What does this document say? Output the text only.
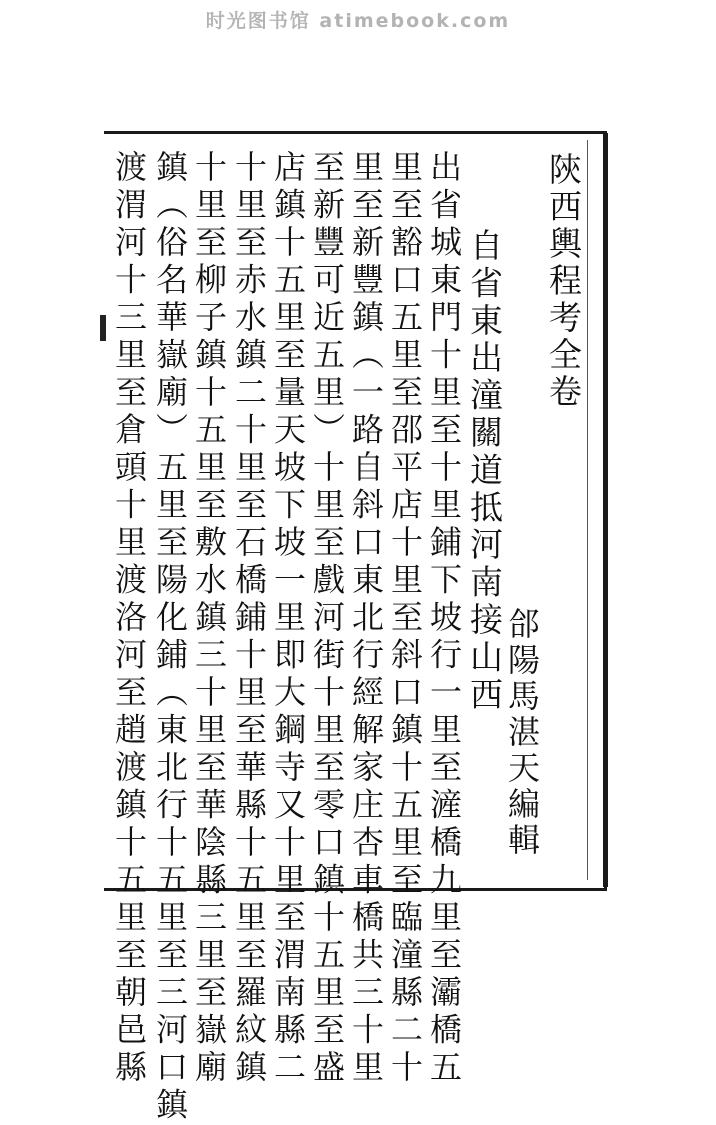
时光图书馆 atimebook.com
陝西輿程考全卷
郃陽馬湛天編輯
自省東出潼關道抵河南接山西
出省城東門十里至十里鋪下坡行一里至滻橋九里至灞橋五
里至豁口五里至邵平店十里至斜口鎮十五里至臨潼縣二十
里至新豐鎮（一路自斜口東北行經解家庄杏車橋共三十里
至新豐可近五里）十里至戲河街十里至零口鎮十五里至盛
店鎮十五里至量天坡下坡一里即大鋼寺又十里至渭南縣二
十里至赤水鎮二十里至石橋鋪十里至華縣十五里至羅紋鎮
十里至柳子鎮十五里至敷水鎮三十里至華陰縣三里至嶽廟
鎮（俗名華嶽廟）五里至陽化鋪（東北行十五里至三河口鎮
渡渭河十三里至倉頭十里渡洛河至趙渡鎮十五里至朝邑縣
